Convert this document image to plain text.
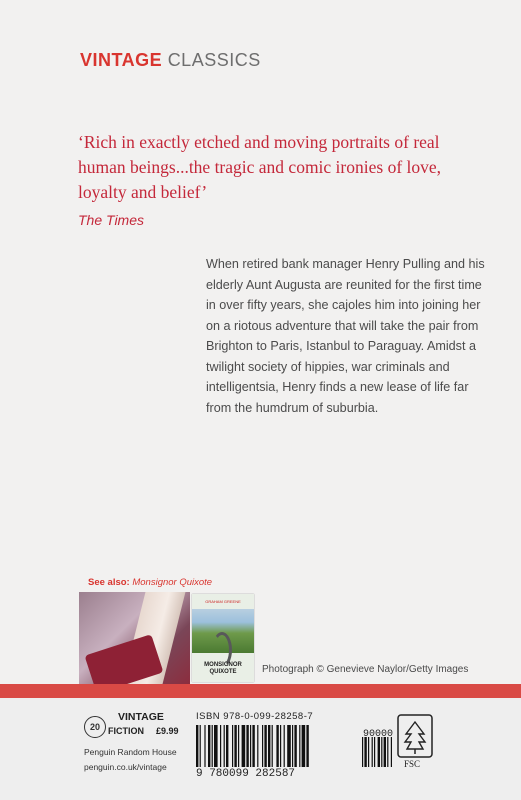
VINTAGE CLASSICS
‘Rich in exactly etched and moving portraits of real human beings...the tragic and comic ironies of love, loyalty and belief’
The Times
When retired bank manager Henry Pulling and his elderly Aunt Augusta are reunited for the first time in over fifty years, she cajoles him into joining her on a riotous adventure that will take the pair from Brighton to Paris, Istanbul to Paraguay. Amidst a twilight society of hippies, war criminals and intelligentsia, Henry finds a new lease of life far from the humdrum of suburbia.
See also: Monsignor Quixote
GRAHAM GREENE
MONSIGNOR
QUIXOTE	Photograph © Genevieve Naylor/Getty Images
20
VINTAGE
FICTION £9.99
Penguin Random House
penguin.co.uk/vintage
ISBN 978-0-099-28258-7
9 780099 282587
90000
FSC
